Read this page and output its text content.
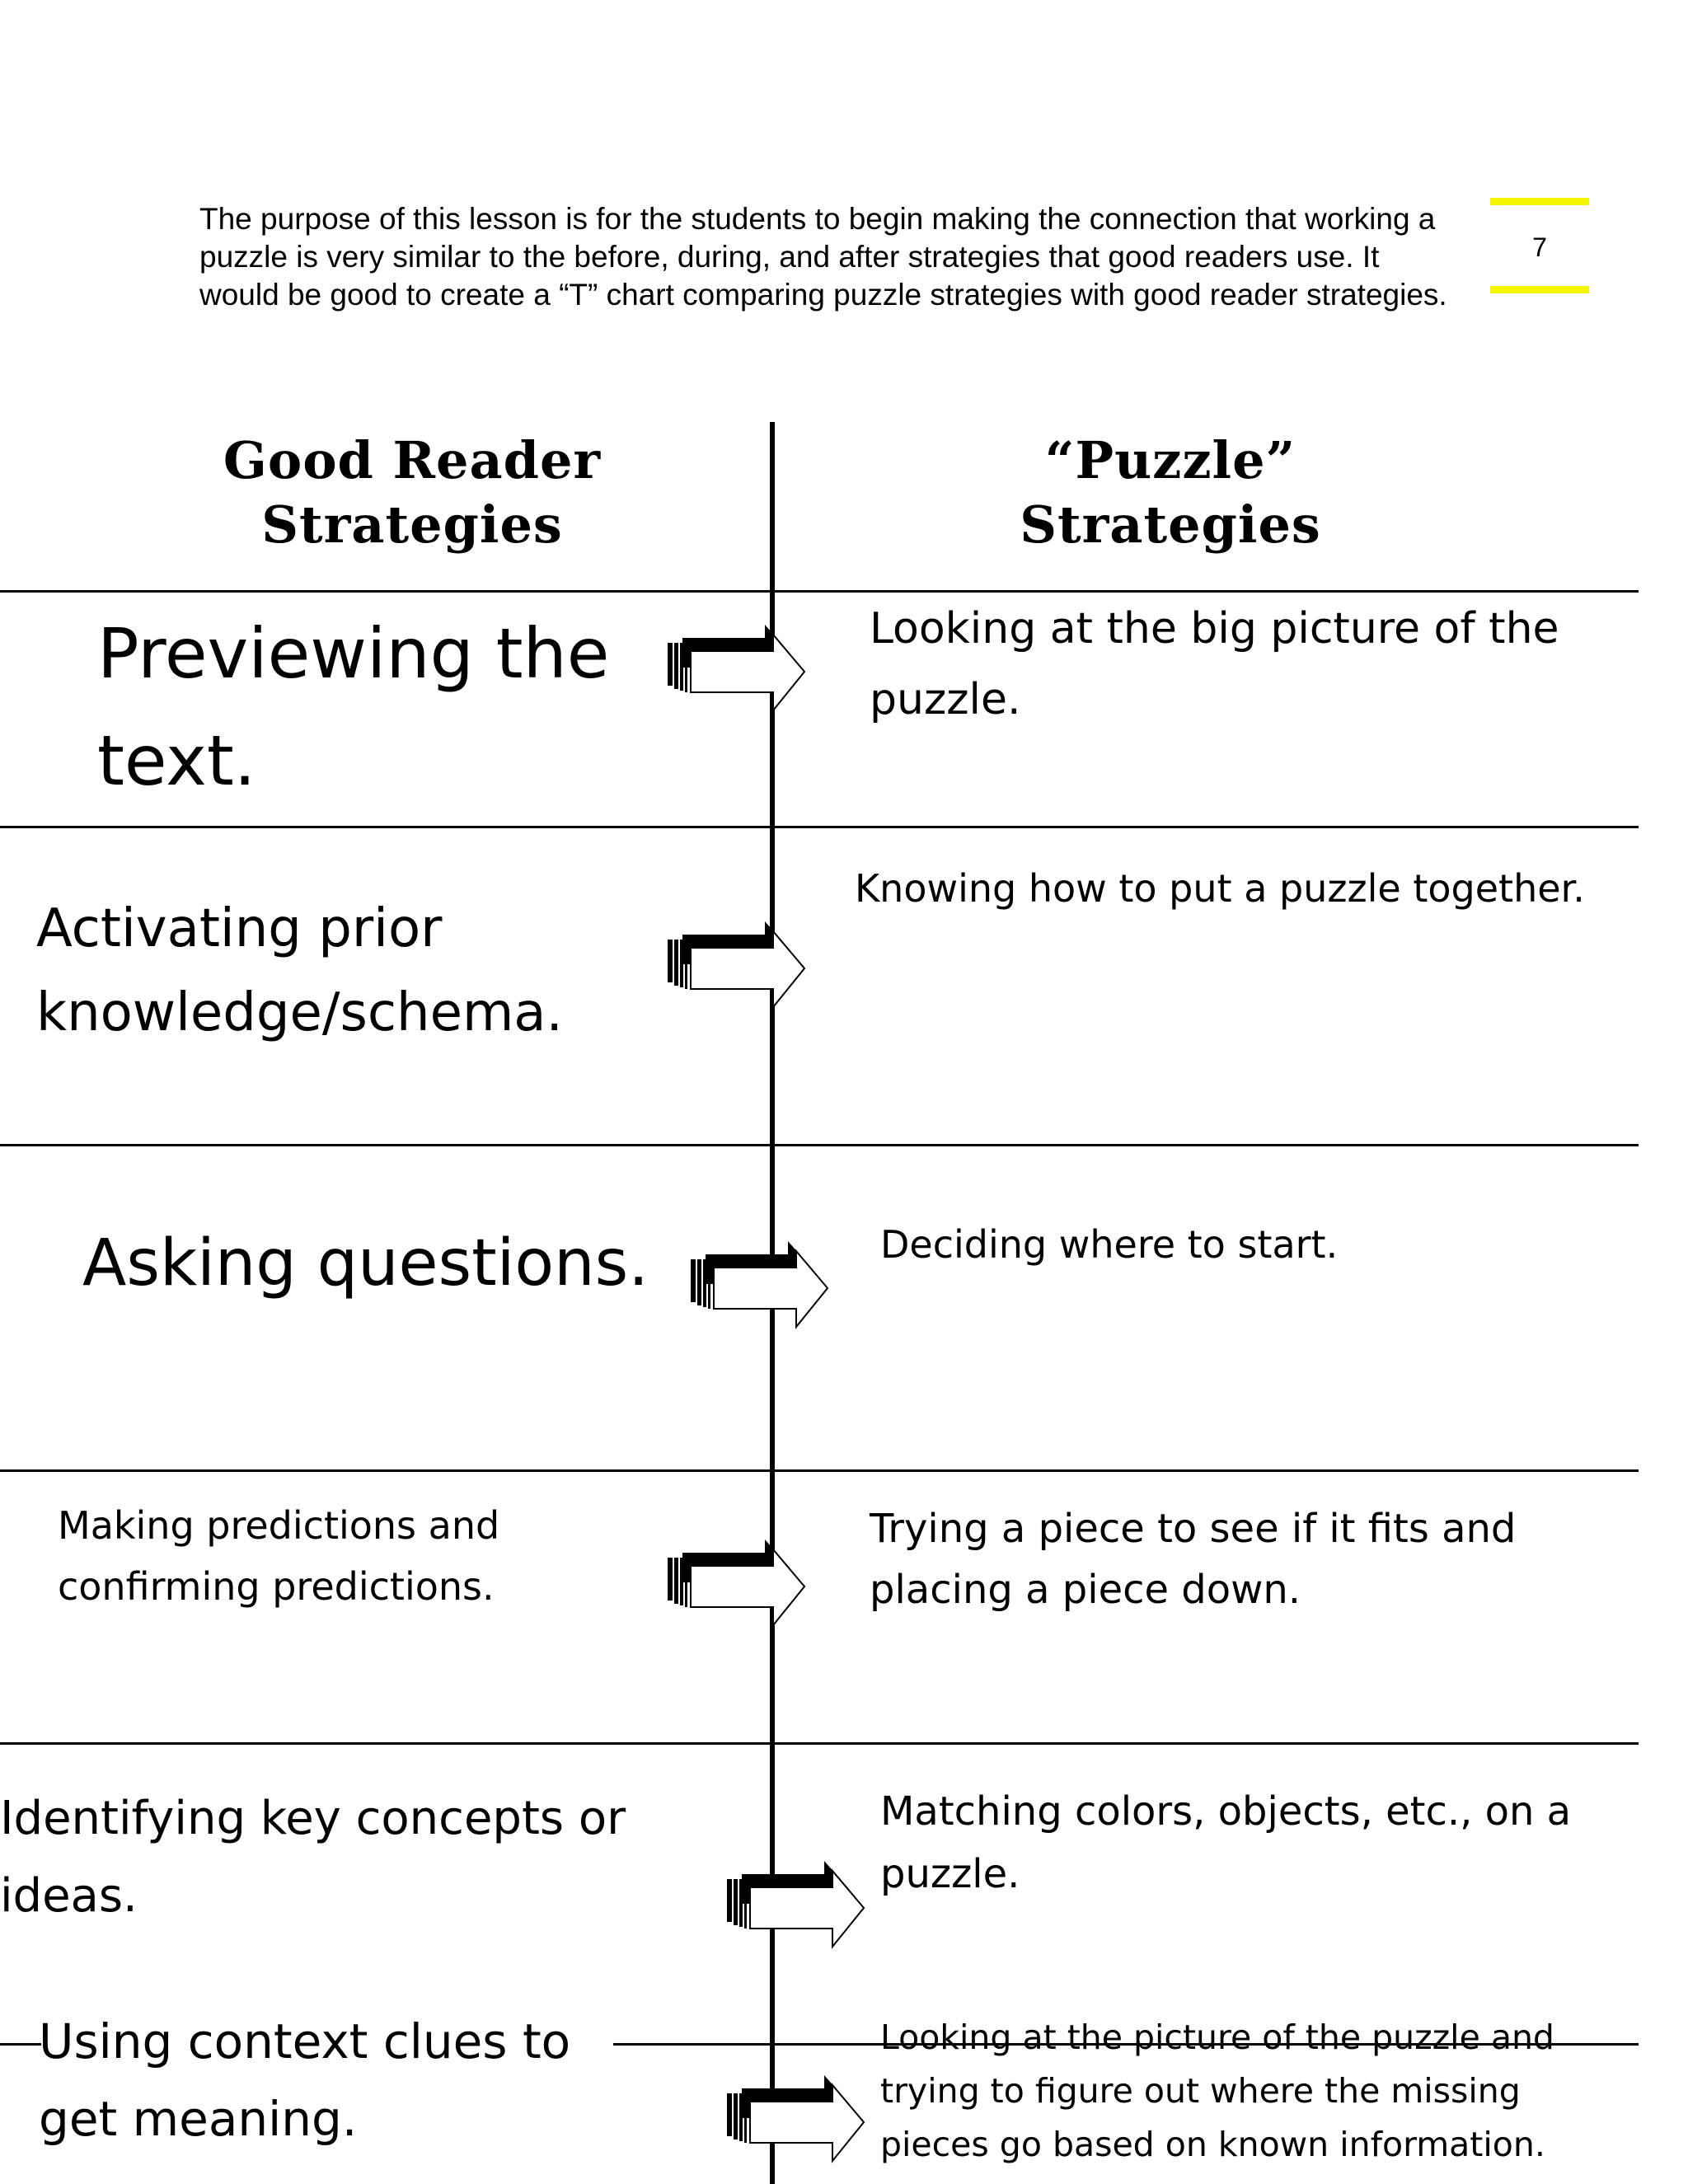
The purpose of this lesson is for the students to begin making the connection that working a puzzle is very similar to the before, during, and after strategies that good readers use. It would be good to create a “T” chart comparing puzzle strategies with good reader strategies.

7
Good Reader Strategies
“Puzzle” Strategies
Previewing the text.
Looking at the big picture of the puzzle.
Activating prior knowledge/schema.
Knowing how to put a puzzle together.
Asking questions.	Deciding where to start.
Making predictions and confirming predictions.
Trying a piece to see if it fits and placing a piece down.
Identifying key concepts or ideas.
Matching colors, objects, etc., on a puzzle.
Using context clues to get meaning.
Looking at the picture of the puzzle and trying to figure out where the missing pieces go based on known information.
